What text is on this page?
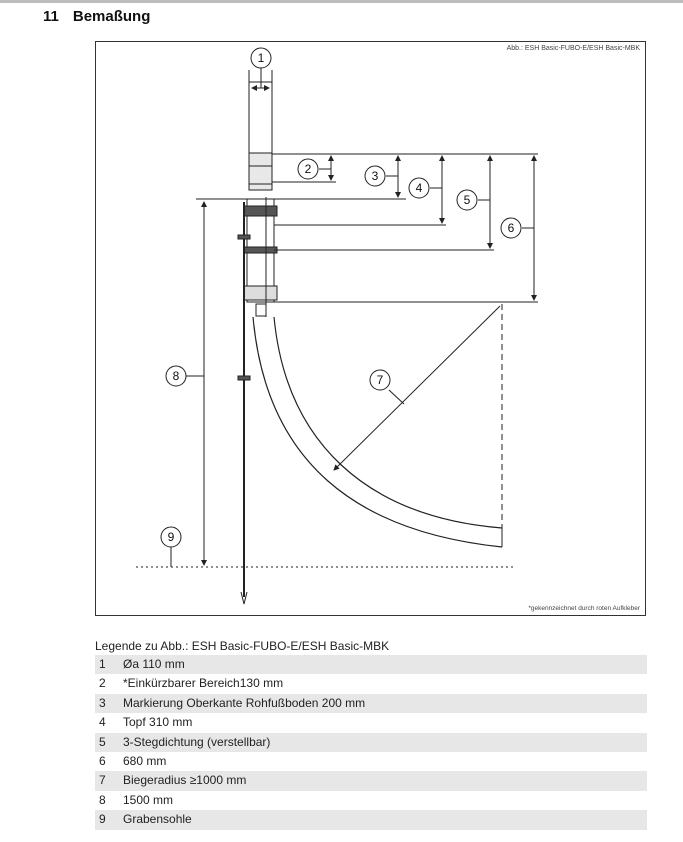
11 Bemaßung
Abb.: ESH Basic-FUBO-E/ESH Basic-MBK
1
2	3
4
5
6
7
8
9
*gekennzeichnet durch roten Aufkleber
Legende zu Abb.: ESH Basic-FUBO-E/ESH Basic-MBK
1	Øa 110 mm
2	*Einkürzbarer Bereich130 mm
3	Markierung Oberkante Rohfußboden 200 mm
4	Topf 310 mm
5	3-Stegdichtung (verstellbar)
6	680 mm
7	Biegeradius ≥1000 mm
8	1500 mm
9	Grabensohle
